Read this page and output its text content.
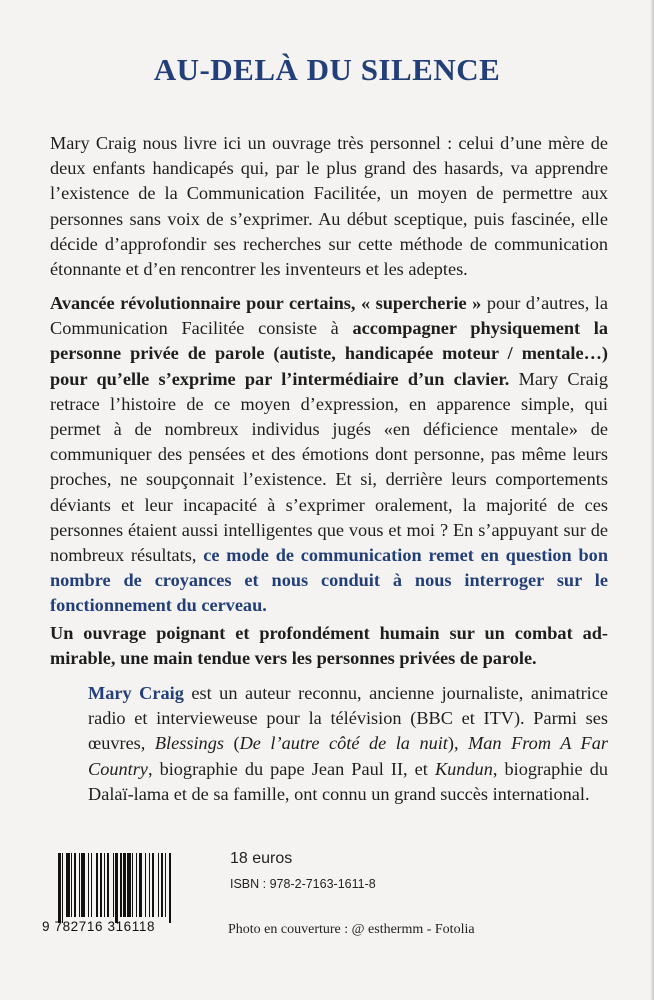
AU-DELÀ DU SILENCE
Mary Craig nous livre ici un ouvrage très personnel : celui d’une mère de deux enfants handicapés qui, par le plus grand des hasards, va apprendre l’existence de la Communication Facilitée, un moyen de permettre aux personnes sans voix de s’exprimer. Au début sceptique, puis fascinée, elle décide d’approfondir ses recherches sur cette méthode de communication étonnante et d’en rencontrer les inventeurs et les adeptes.
Avancée révolutionnaire pour certains, « supercherie » pour d’autres, la Communication Facilitée consiste à accompagner physiquement la personne privée de parole (autiste, handicapée moteur / mentale…) pour qu’elle s’exprime par l’intermédiaire d’un clavier. Mary Craig retrace l’histoire de ce moyen d’expression, en apparence simple, qui permet à de nombreux individus jugés «en déficience mentale» de communiquer des pensées et des émotions dont personne, pas même leurs proches, ne soupçonnait l’existence. Et si, derrière leurs comportements déviants et leur incapacité à s’exprimer oralement, la majorité de ces personnes étaient aussi intelligentes que vous et moi ? En s’appuyant sur de nombreux résultats, ce mode de communication remet en question bon nombre de croyances et nous conduit à nous interroger sur le fonctionnement du cerveau.
Un ouvrage poignant et profondément humain sur un combat admirable, une main tendue vers les personnes privées de parole.
Mary Craig est un auteur reconnu, ancienne journaliste, animatrice radio et intervieweuse pour la télévision (BBC et ITV). Parmi ses œuvres, Blessings (De l’autre côté de la nuit), Man From A Far Country, biographie du pape Jean Paul II, et Kundun, biographie du Dalaï-lama et de sa famille, ont connu un grand succès international.
9 782716 316118
18 euros
ISBN : 978-2-7163-1611-8
Photo en couverture : @ esthermm - Fotolia
